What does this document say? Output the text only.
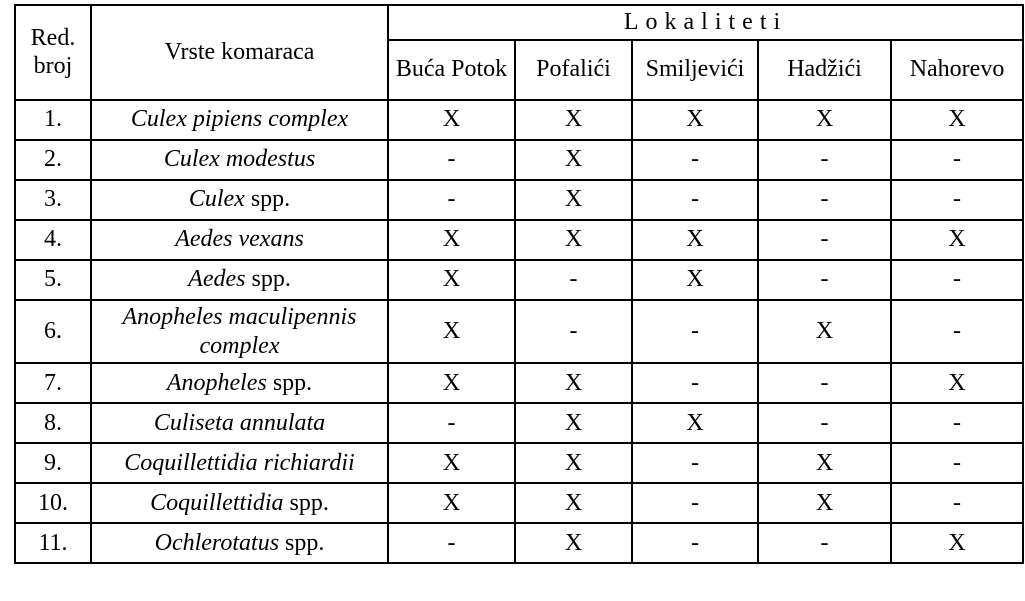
Red. broj	Vrste komaraca	Lokaliteti				
		Buća Potok	Pofalići	Smiljevići	Hadžići	Nahorevo
1.	Culex pipiens complex	X	X	X	X	X
2.	Culex modestus	-	X	-	-	-
3.	Culex spp.	-	X	-	-	-
4.	Aedes vexans	X	X	X	-	X
5.	Aedes spp.	X	-	X	-	-
6.	Anopheles maculipennis complex	X	-	-	X	-
7.	Anopheles spp.	X	X	-	-	X
8.	Culiseta annulata	-	X	X	-	-
9.	Coquillettidia richiardii	X	X	-	X	-
10.	Coquillettidia spp.	X	X	-	X	-
11.	Ochlerotatus spp.	-	X	-	-	X
